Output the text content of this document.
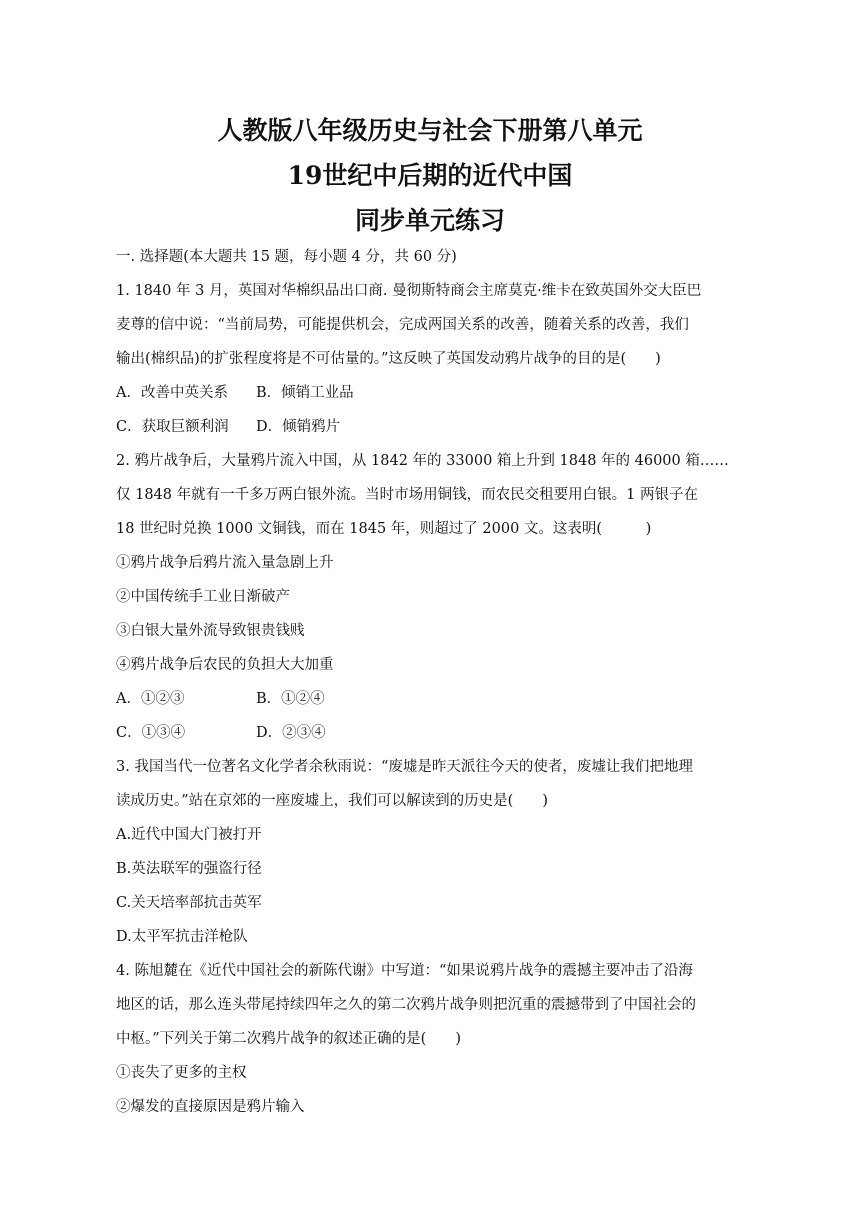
人教版八年级历史与社会下册第八单元
19世纪中后期的近代中国
同步单元练习
一. 选择题(本大题共 15 题，每小题 4 分，共 60 分)
1. 1840 年 3 月，英国对华棉织品出口商. 曼彻斯特商会主席莫克·维卡在致英国外交大臣巴
麦尊的信中说：“当前局势，可能提供机会，完成两国关系的改善，随着关系的改善，我们
输出(棉织品)的扩张程度将是不可估量的。”这反映了英国发动鸦片战争的目的是(　　)
A．改善中英关系 B．倾销工业品
C．获取巨额利润 D．倾销鸦片
2. 鸦片战争后，大量鸦片流入中国，从 1842 年的 33000 箱上升到 1848 年的 46000 箱……
仅 1848 年就有一千多万两白银外流。当时市场用铜钱，而农民交租要用白银。1 两银子在
18 世纪时兑换 1000 文铜钱，而在 1845 年，则超过了 2000 文。这表明(　　　)
①鸦片战争后鸦片流入量急剧上升
②中国传统手工业日渐破产
③白银大量外流导致银贵钱贱
④鸦片战争后农民的负担大大加重
A．①②③	B．①②④
C．①③④	D．②③④
3. 我国当代一位著名文化学者余秋雨说：“废墟是昨天派往今天的使者，废墟让我们把地理
读成历史。”站在京郊的一座废墟上，我们可以解读到的历史是(　　)
A.近代中国大门被打开
B.英法联军的强盗行径
C.关天培率部抗击英军
D.太平军抗击洋枪队
4. 陈旭麓在《近代中国社会的新陈代谢》中写道：“如果说鸦片战争的震撼主要冲击了沿海
地区的话，那么连头带尾持续四年之久的第二次鸦片战争则把沉重的震撼带到了中国社会的
中枢。”下列关于第二次鸦片战争的叙述正确的是(　　)
①丧失了更多的主权
②爆发的直接原因是鸦片输入
